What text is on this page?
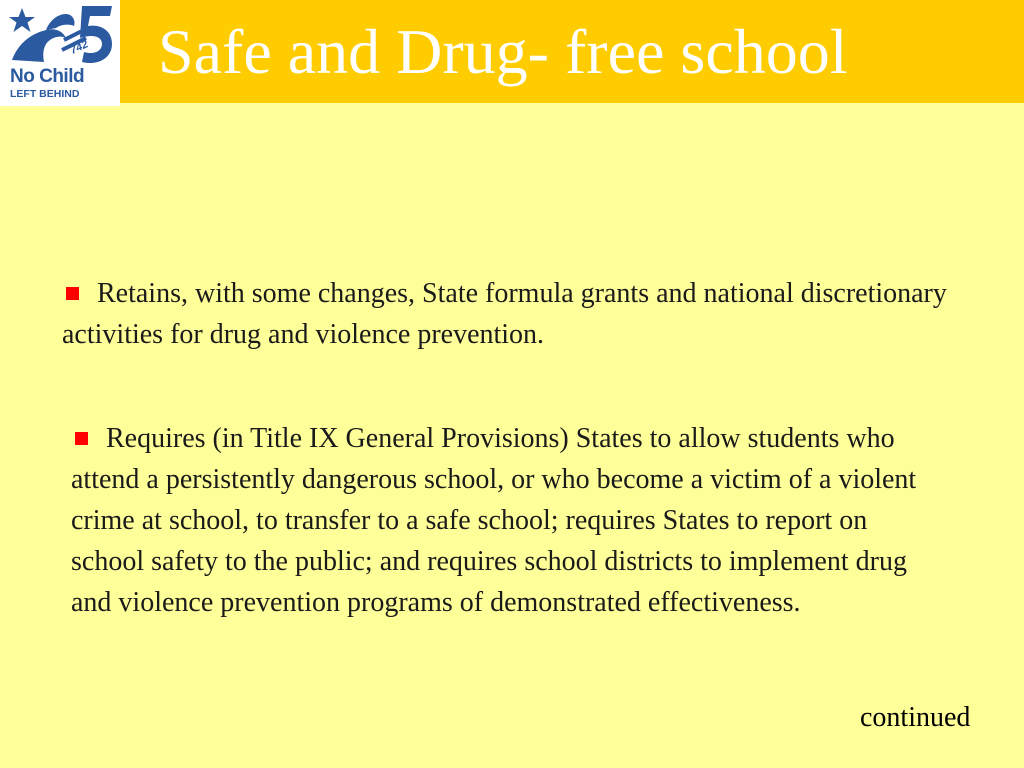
742
No Child
LEFT BEHIND
Safe and Drug- free school

Retains, with some changes, State formula grants and national discretionary activities for drug and violence prevention.

Requires (in Title IX General Provisions) States to allow students who attend a persistently dangerous school, or who become a victim of a violent crime at school, to transfer to a safe school; requires States to report on school safety to the public; and requires school districts to implement drug and violence prevention programs of demonstrated effectiveness.

continued
